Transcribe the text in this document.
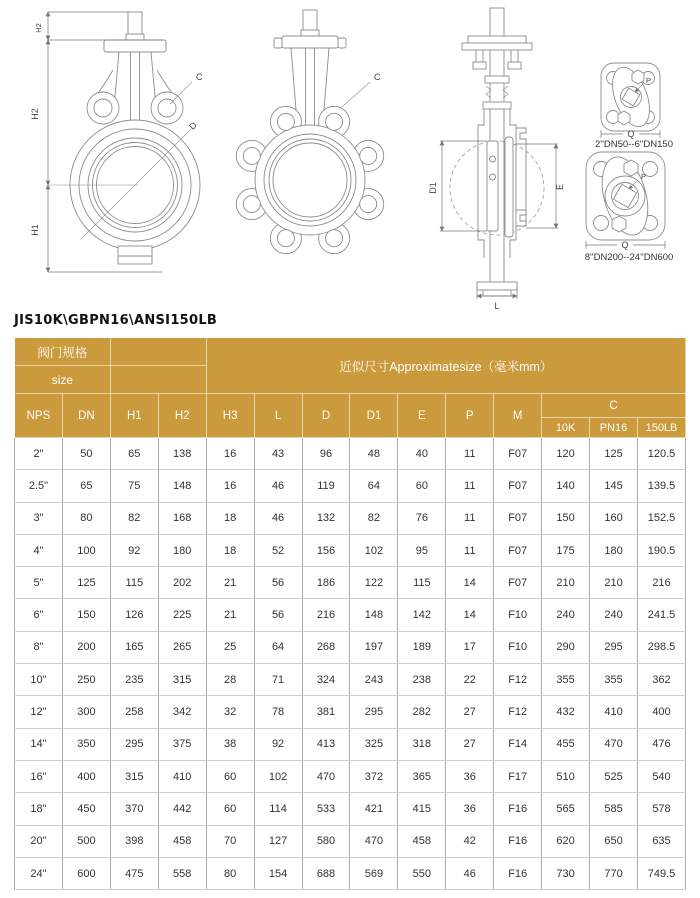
D
C
H2
H2
H1
C
D1	E
L
P
Q
2''DN50--6''DN150
P
Q
8''DN200--24''DN600
JIS10K\GBPN16\ANSI150LB
阀门规格				近似尺寸Approximatesize（毫米mm）									
size													
NPS	DN	H1	H2	H3	L	D	D1	E	P	M	C		
											10K	PN16	150LB
2"	50	65	138	16	43	96	48	40	11	F07	120	125	120.5
2.5"	65	75	148	16	46	119	64	60	11	F07	140	145	139.5
3"	80	82	168	18	46	132	82	76	11	F07	150	160	152.5
4"	100	92	180	18	52	156	102	95	11	F07	175	180	190.5
5"	125	115	202	21	56	186	122	115	14	F07	210	210	216
6"	150	126	225	21	56	216	148	142	14	F10	240	240	241.5
8"	200	165	265	25	64	268	197	189	17	F10	290	295	298.5
10"	250	235	315	28	71	324	243	238	22	F12	355	355	362
12"	300	258	342	32	78	381	295	282	27	F12	432	410	400
14"	350	295	375	38	92	413	325	318	27	F14	455	470	476
16"	400	315	410	60	102	470	372	365	36	F17	510	525	540
18"	450	370	442	60	114	533	421	415	36	F16	565	585	578
20"	500	398	458	70	127	580	470	458	42	F16	620	650	635
24"	600	475	558	80	154	688	569	550	46	F16	730	770	749.5
